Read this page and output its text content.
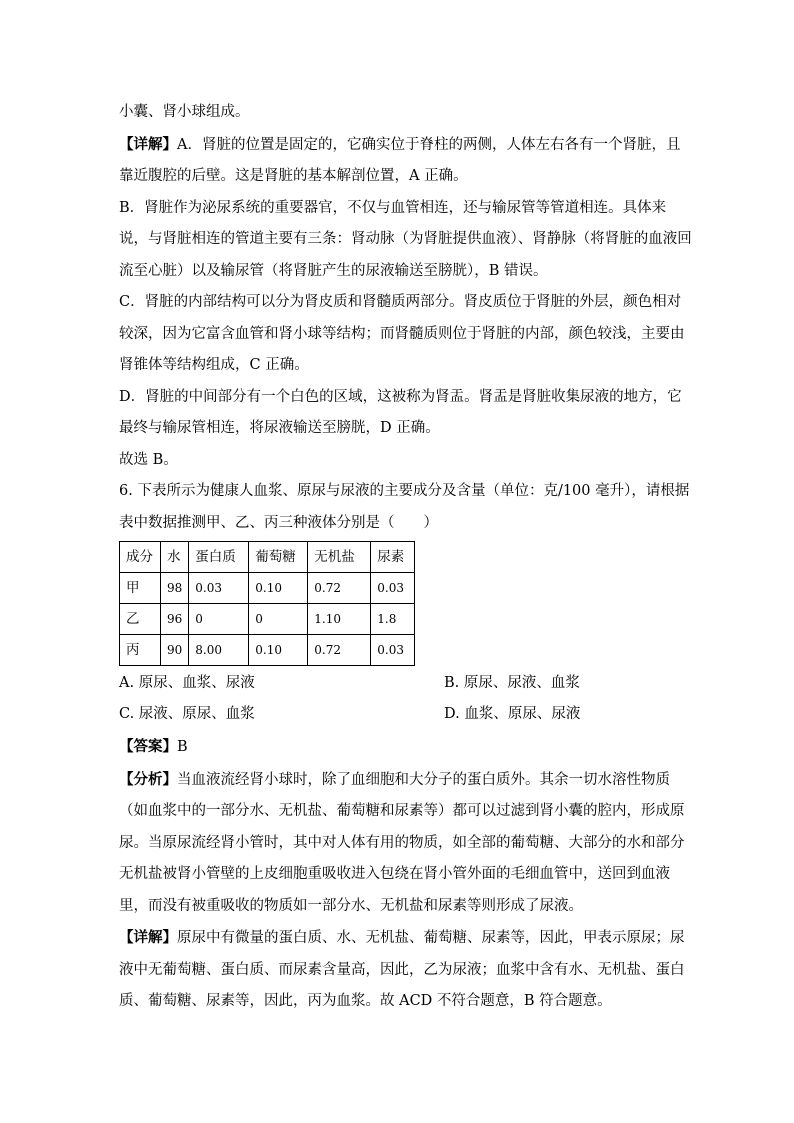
小囊、肾小球组成。

【详解】A．肾脏的位置是固定的，它确实位于脊柱的两侧，人体左右各有一个肾脏，且

靠近腹腔的后壁。这是肾脏的基本解剖位置，A 正确。

B．肾脏作为泌尿系统的重要器官，不仅与血管相连，还与输尿管等管道相连。具体来

说，与肾脏相连的管道主要有三条：肾动脉（为肾脏提供血液）、肾静脉（将肾脏的血液回

流至心脏）以及输尿管（将肾脏产生的尿液输送至膀胱），B 错误。

C．肾脏的内部结构可以分为肾皮质和肾髓质两部分。肾皮质位于肾脏的外层，颜色相对

较深，因为它富含血管和肾小球等结构；而肾髓质则位于肾脏的内部，颜色较浅，主要由

肾锥体等结构组成，C 正确。

D．肾脏的中间部分有一个白色的区域，这被称为肾盂。肾盂是肾脏收集尿液的地方，它

最终与输尿管相连，将尿液输送至膀胱，D 正确。

故选 B。

6. 下表所示为健康人血浆、原尿与尿液的主要成分及含量（单位：克/100 毫升），请根据

表中数据推测甲、乙、丙三种液体分别是（　　）

成分	水	蛋白质	葡萄糖	无机盐	尿素
甲	98	0.03	0.10	0.72	0.03
乙	96	0	0	1.10	1.8
丙	90	8.00	0.10	0.72	0.03
A. 原尿、血浆、尿液	B. 原尿、尿液、血浆
C. 尿液、原尿、血浆	D. 血浆、原尿、尿液

【答案】B

【分析】当血液流经肾小球时，除了血细胞和大分子的蛋白质外。其余一切水溶性物质

（如血浆中的一部分水、无机盐、葡萄糖和尿素等）都可以过滤到肾小囊的腔内，形成原

尿。当原尿流经肾小管时，其中对人体有用的物质，如全部的葡萄糖、大部分的水和部分

无机盐被肾小管壁的上皮细胞重吸收进入包绕在肾小管外面的毛细血管中，送回到血液

里，而没有被重吸收的物质如一部分水、无机盐和尿素等则形成了尿液。

【详解】原尿中有微量的蛋白质、水、无机盐、葡萄糖、尿素等，因此，甲表示原尿；尿

液中无葡萄糖、蛋白质、而尿素含量高，因此，乙为尿液；血浆中含有水、无机盐、蛋白

质、葡萄糖、尿素等，因此，丙为血浆。故 ACD 不符合题意，B 符合题意。
